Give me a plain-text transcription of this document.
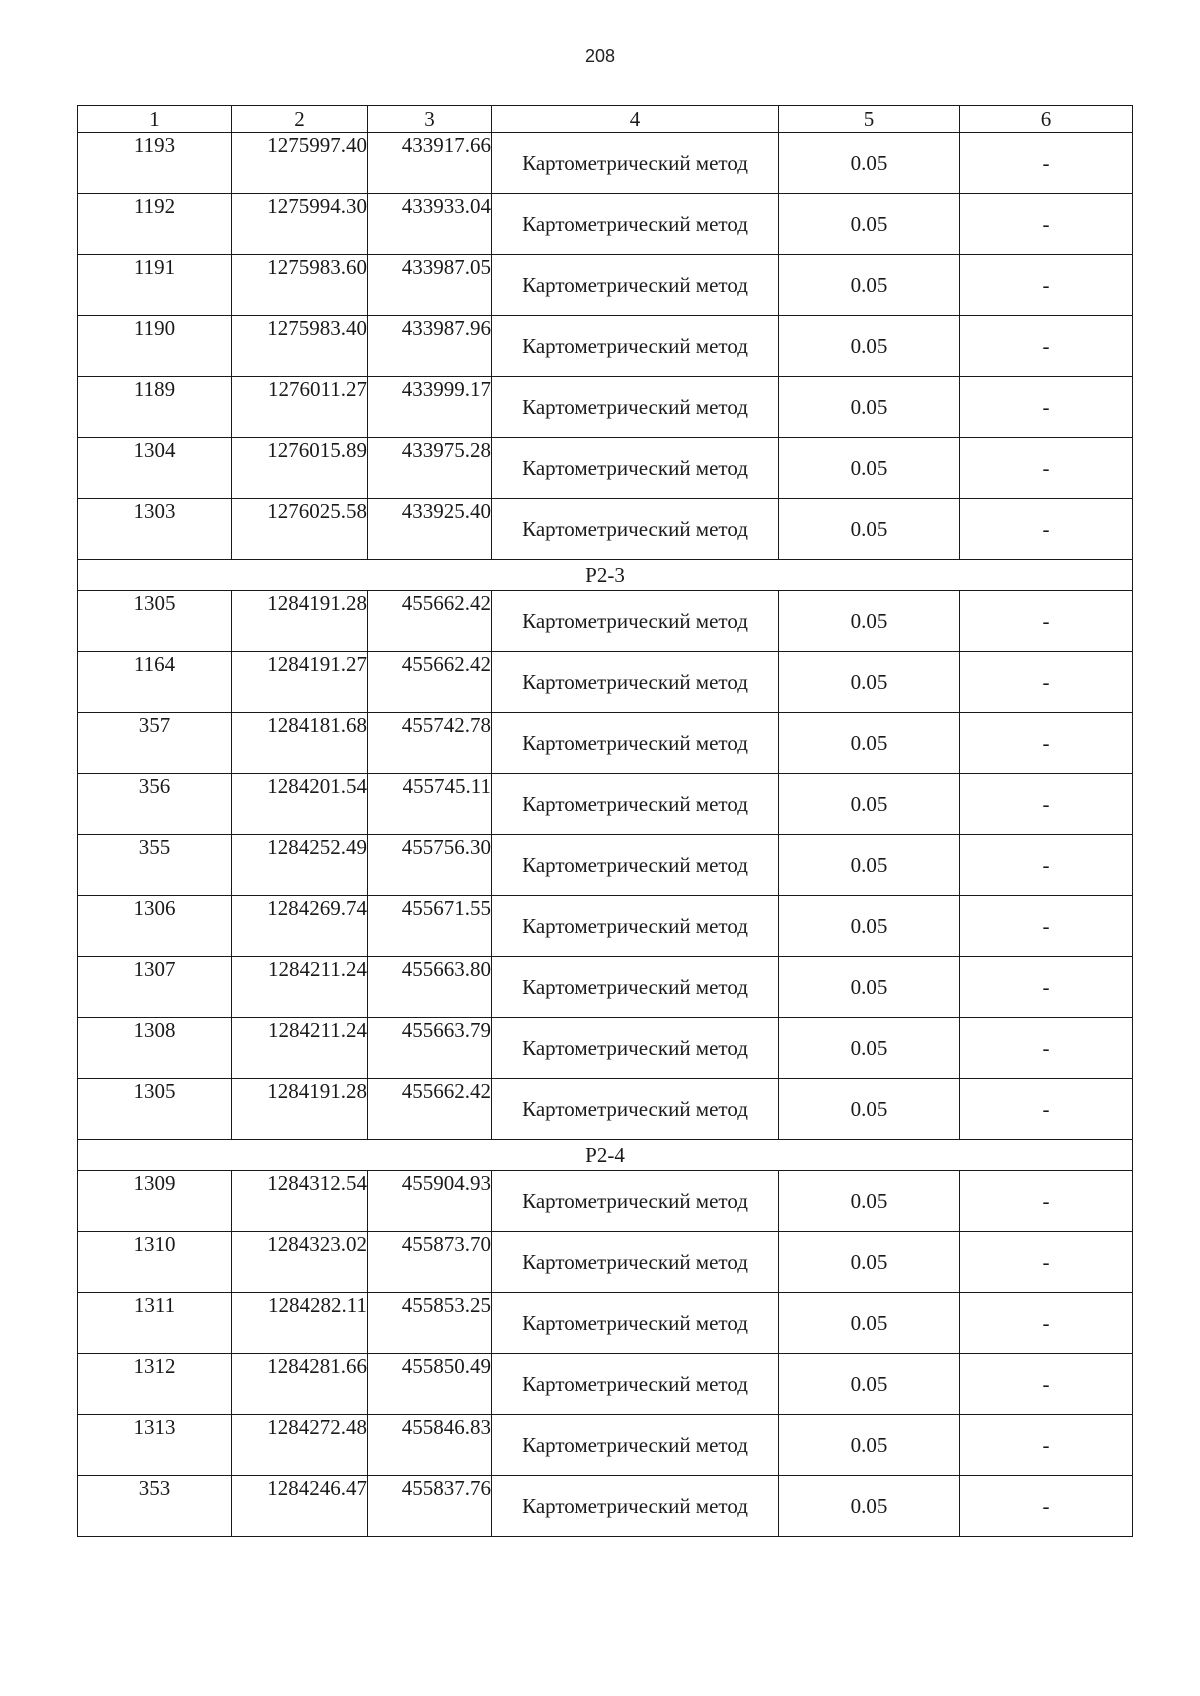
208
1	2	3	4	5	6
1193	1275997.40	433917.66	Картометрический метод	0.05	-
1192	1275994.30	433933.04	Картометрический метод	0.05	-
1191	1275983.60	433987.05	Картометрический метод	0.05	-
1190	1275983.40	433987.96	Картометрический метод	0.05	-
1189	1276011.27	433999.17	Картометрический метод	0.05	-
1304	1276015.89	433975.28	Картометрический метод	0.05	-
1303	1276025.58	433925.40	Картометрический метод	0.05	-
Р2-3					
1305	1284191.28	455662.42	Картометрический метод	0.05	-
1164	1284191.27	455662.42	Картометрический метод	0.05	-
357	1284181.68	455742.78	Картометрический метод	0.05	-
356	1284201.54	455745.11	Картометрический метод	0.05	-
355	1284252.49	455756.30	Картометрический метод	0.05	-
1306	1284269.74	455671.55	Картометрический метод	0.05	-
1307	1284211.24	455663.80	Картометрический метод	0.05	-
1308	1284211.24	455663.79	Картометрический метод	0.05	-
1305	1284191.28	455662.42	Картометрический метод	0.05	-
Р2-4					
1309	1284312.54	455904.93	Картометрический метод	0.05	-
1310	1284323.02	455873.70	Картометрический метод	0.05	-
1311	1284282.11	455853.25	Картометрический метод	0.05	-
1312	1284281.66	455850.49	Картометрический метод	0.05	-
1313	1284272.48	455846.83	Картометрический метод	0.05	-
353	1284246.47	455837.76	Картометрический метод	0.05	-
